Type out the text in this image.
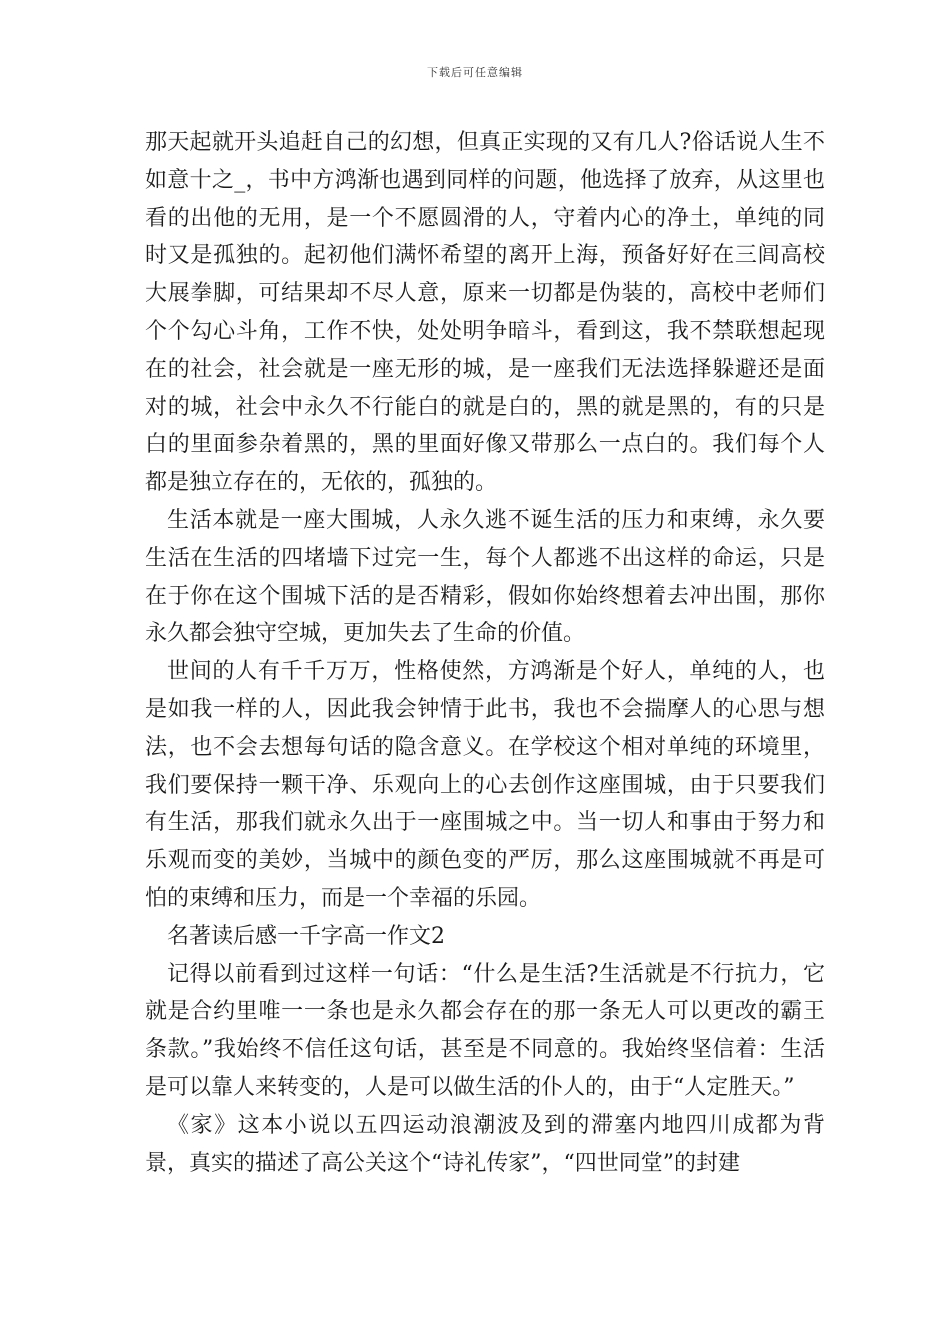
下载后可任意编辑

那天起就开头追赶自己的幻想，但真正实现的又有几人?俗话说人生不如意十之_，书中方鸿渐也遇到同样的问题，他选择了放弃，从这里也看的出他的无用，是一个不愿圆滑的人，守着内心的净土，单纯的同时又是孤独的。起初他们满怀希望的离开上海，预备好好在三闾高校大展拳脚，可结果却不尽人意，原来一切都是伪装的，高校中老师们个个勾心斗角，工作不快，处处明争暗斗，看到这，我不禁联想起现在的社会，社会就是一座无形的城，是一座我们无法选择躲避还是面对的城，社会中永久不行能白的就是白的，黑的就是黑的，有的只是白的里面参杂着黑的，黑的里面好像又带那么一点白的。我们每个人都是独立存在的，无依的，孤独的。

生活本就是一座大围城，人永久逃不诞生活的压力和束缚，永久要生活在生活的四堵墙下过完一生，每个人都逃不出这样的命运，只是在于你在这个围城下活的是否精彩，假如你始终想着去冲出围，那你永久都会独守空城，更加失去了生命的价值。

世间的人有千千万万，性格使然，方鸿渐是个好人，单纯的人，也是如我一样的人，因此我会钟情于此书，我也不会揣摩人的心思与想法，也不会去想每句话的隐含意义。在学校这个相对单纯的环境里，我们要保持一颗干净、乐观向上的心去创作这座围城，由于只要我们有生活，那我们就永久出于一座围城之中。当一切人和事由于努力和乐观而变的美妙，当城中的颜色变的严厉，那么这座围城就不再是可怕的束缚和压力，而是一个幸福的乐园。

名著读后感一千字高一作文2

记得以前看到过这样一句话：“什么是生活?生活就是不行抗力，它就是合约里唯一一条也是永久都会存在的那一条无人可以更改的霸王条款。”我始终不信任这句话，甚至是不同意的。我始终坚信着：生活是可以靠人来转变的，人是可以做生活的仆人的，由于“人定胜天。”

《家》这本小说以五四运动浪潮波及到的滞塞内地四川成都为背景，真实的描述了高公关这个“诗礼传家”，“四世同堂”的封建
